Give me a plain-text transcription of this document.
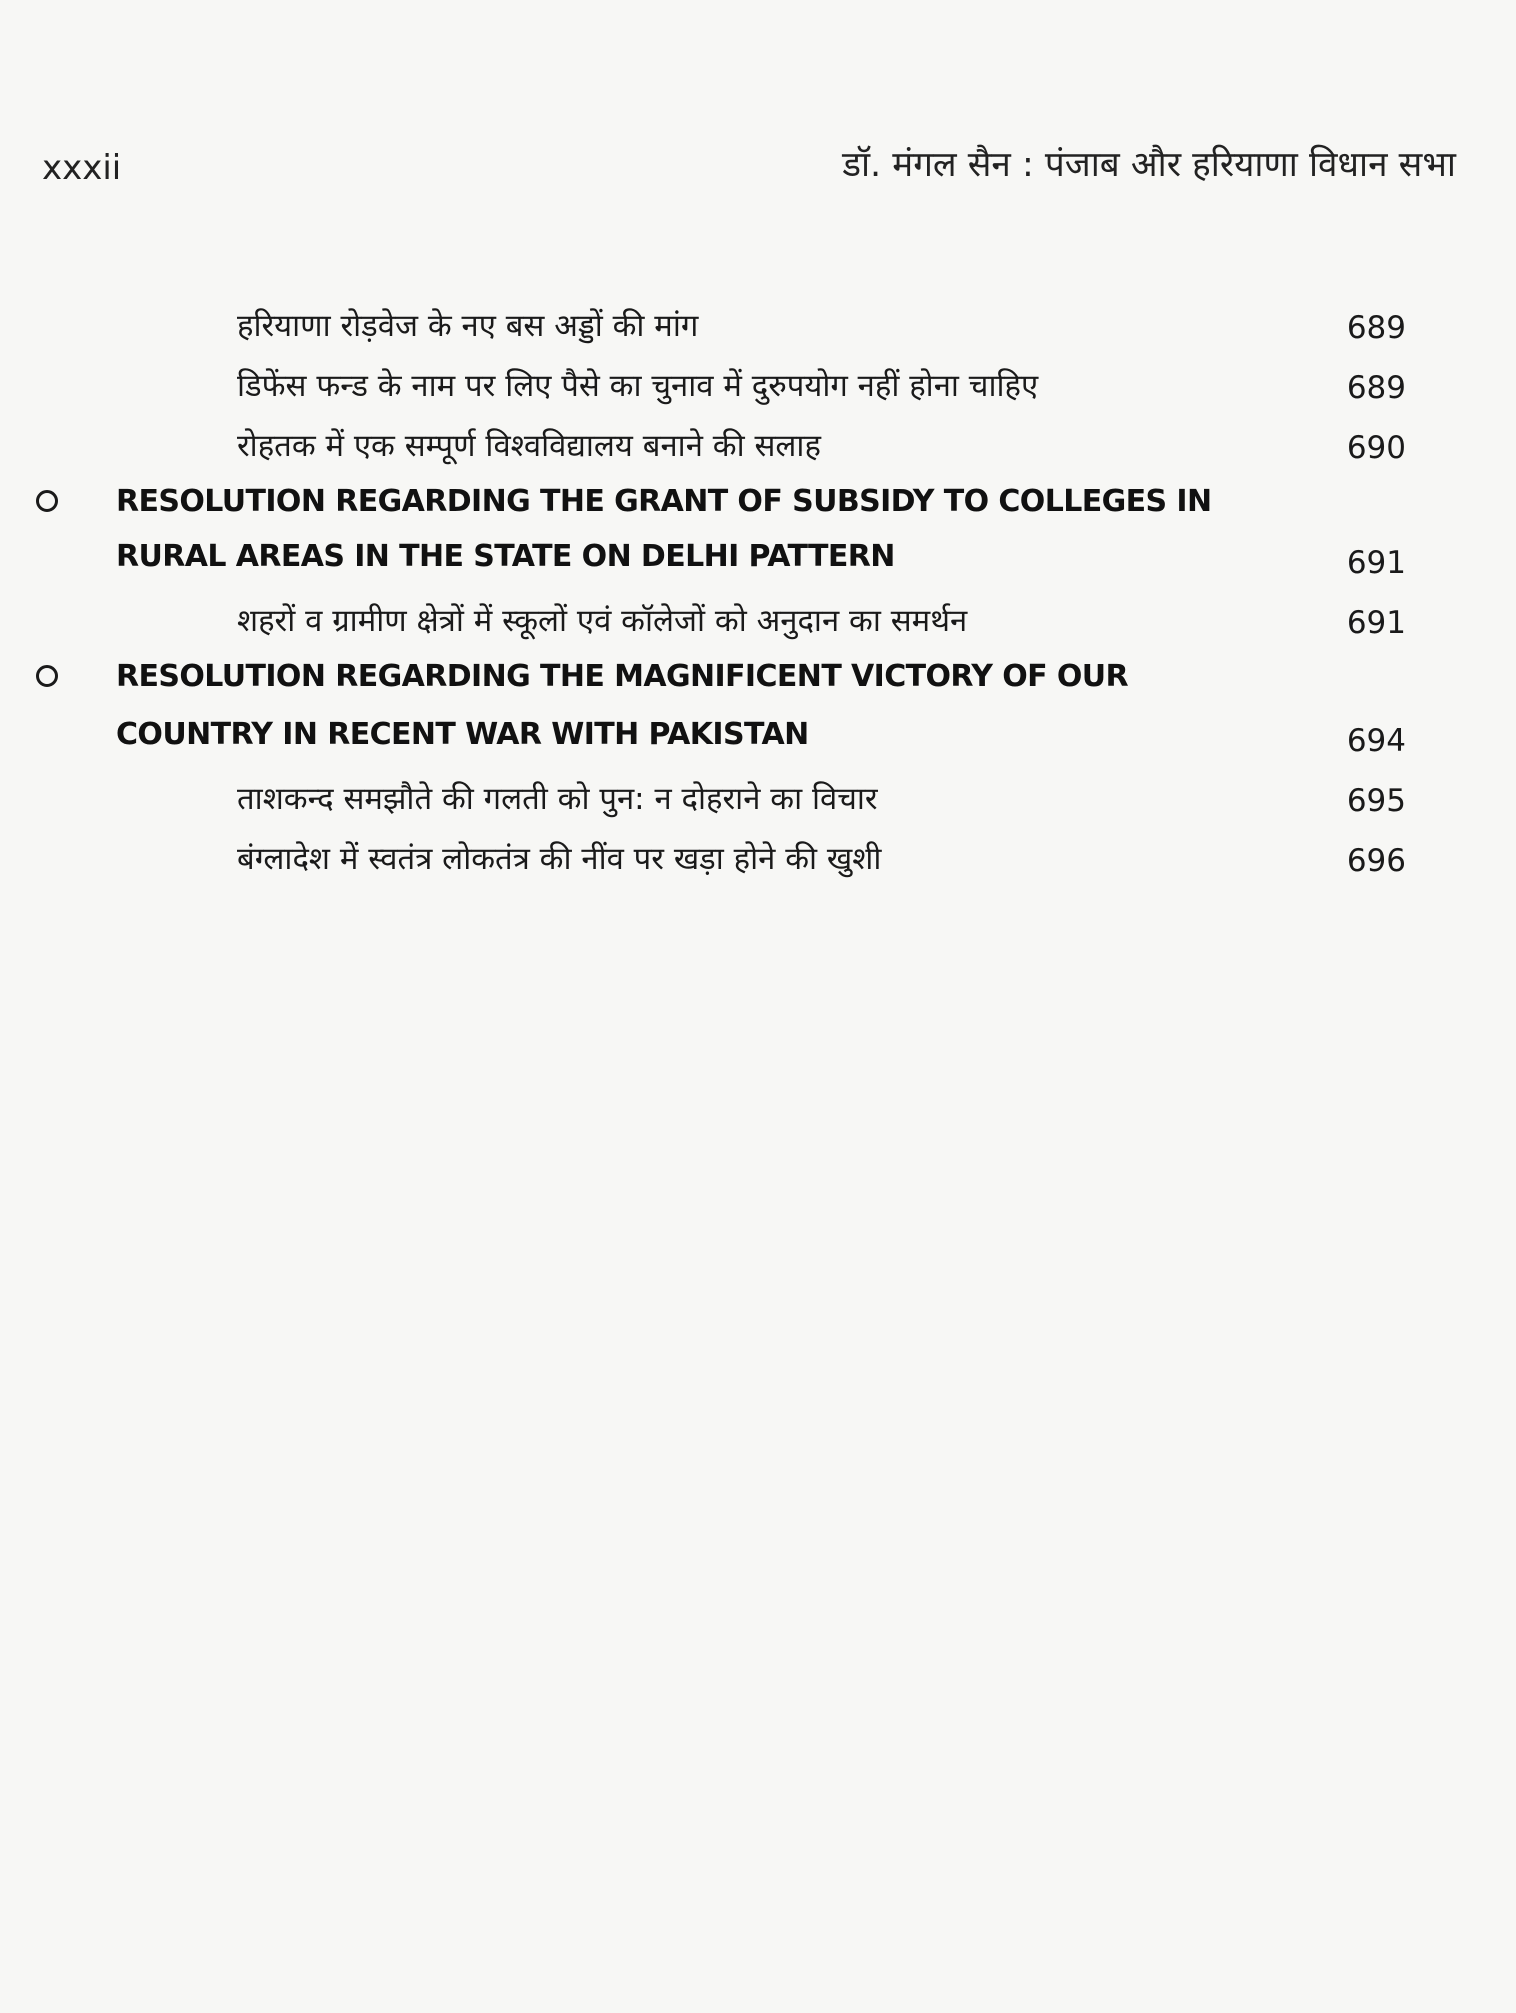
xxxii	डॉ. मंगल सैन : पंजाब और हरियाणा विधान सभा
हरियाणा रोड़वेज के नए बस अड्डों की मांग	689
डिफेंस फन्ड के नाम पर लिए पैसे का चुनाव में दुरुपयोग नहीं होना चाहिए	689
रोहतक में एक सम्पूर्ण विश्वविद्यालय बनाने की सलाह	690
RESOLUTION REGARDING THE GRANT OF SUBSIDY TO COLLEGES IN
RURAL AREAS IN THE STATE ON DELHI PATTERN	691
शहरों व ग्रामीण क्षेत्रों में स्कूलों एवं कॉलेजों को अनुदान का समर्थन	691
RESOLUTION REGARDING THE MAGNIFICENT VICTORY OF OUR
COUNTRY IN RECENT WAR WITH PAKISTAN	694
ताशकन्द समझौते की गलती को पुन: न दोहराने का विचार	695
बंग्लादेश में स्वतंत्र लोकतंत्र की नींव पर खड़ा होने की खुशी	696
